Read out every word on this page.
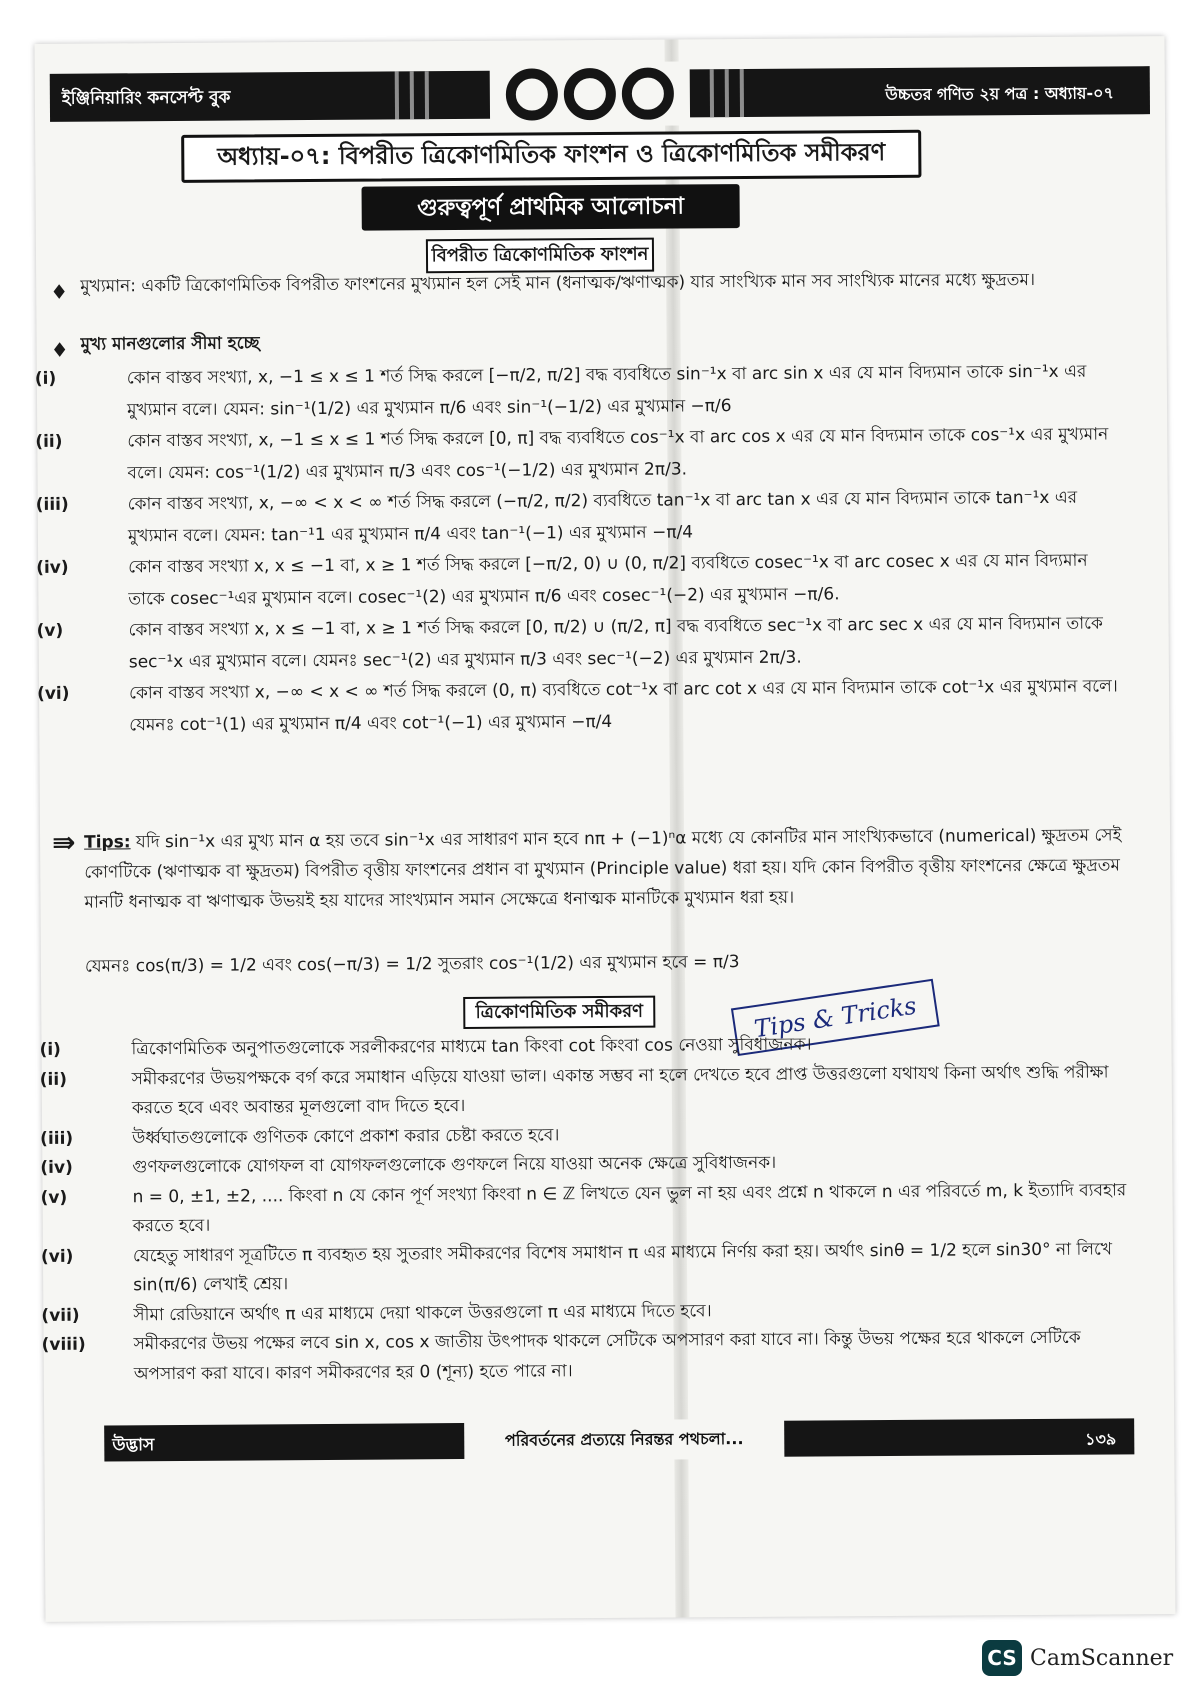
ইঞ্জিনিয়ারিং কনসেপ্ট বুক	উচ্চতর গণিত ২য় পত্র : অধ্যায়-০৭
অধ্যায়-০৭: বিপরীত ত্রিকোণমিতিক ফাংশন ও ত্রিকোণমিতিক সমীকরণ
গুরুত্বপূর্ণ প্রাথমিক আলোচনা
বিপরীত ত্রিকোণমিতিক ফাংশন
♦ মুখ্যমান: একটি ত্রিকোণমিতিক বিপরীত ফাংশনের মুখ্যমান হল সেই মান (ধনাত্মক/ঋণাত্মক) যার সাংখ্যিক মান সব সাংখ্যিক মানের মধ্যে ক্ষুদ্রতম।
♦ মুখ্য মানগুলোর সীমা হচ্ছে
(i)	কোন বাস্তব সংখ্যা, x, −1 ≤ x ≤ 1 শর্ত সিদ্ধ করলে [−π/2, π/2] বদ্ধ ব্যবধিতে sin⁻¹x বা arc sin x এর যে মান বিদ্যমান তাকে sin⁻¹x এর মুখ্যমান বলে। যেমন: sin⁻¹(1/2) এর মুখ্যমান π/6 এবং sin⁻¹(−1/2) এর মুখ্যমান −π/6
(ii)	কোন বাস্তব সংখ্যা, x, −1 ≤ x ≤ 1 শর্ত সিদ্ধ করলে [0, π] বদ্ধ ব্যবধিতে cos⁻¹x বা arc cos x এর যে মান বিদ্যমান তাকে cos⁻¹x এর মুখ্যমান বলে। যেমন: cos⁻¹(1/2) এর মুখ্যমান π/3 এবং cos⁻¹(−1/2) এর মুখ্যমান 2π/3.
(iii)	কোন বাস্তব সংখ্যা, x, −∞ < x < ∞ শর্ত সিদ্ধ করলে (−π/2, π/2) ব্যবধিতে tan⁻¹x বা arc tan x এর যে মান বিদ্যমান তাকে tan⁻¹x এর মুখ্যমান বলে। যেমন: tan⁻¹1 এর মুখ্যমান π/4 এবং tan⁻¹(−1) এর মুখ্যমান −π/4
(iv)	কোন বাস্তব সংখ্যা x, x ≤ −1 বা, x ≥ 1 শর্ত সিদ্ধ করলে [−π/2, 0) ∪ (0, π/2] ব্যবধিতে cosec⁻¹x বা arc cosec x এর যে মান বিদ্যমান তাকে cosec⁻¹এর মুখ্যমান বলে। cosec⁻¹(2) এর মুখ্যমান π/6 এবং cosec⁻¹(−2) এর মুখ্যমান −π/6.
(v)	কোন বাস্তব সংখ্যা x, x ≤ −1 বা, x ≥ 1 শর্ত সিদ্ধ করলে [0, π/2) ∪ (π/2, π] বদ্ধ ব্যবধিতে sec⁻¹x বা arc sec x এর যে মান বিদ্যমান তাকে sec⁻¹x এর মুখ্যমান বলে। যেমনঃ sec⁻¹(2) এর মুখ্যমান π/3 এবং sec⁻¹(−2) এর মুখ্যমান 2π/3.
(vi)	কোন বাস্তব সংখ্যা x, −∞ < x < ∞ শর্ত সিদ্ধ করলে (0, π) ব্যবধিতে cot⁻¹x বা arc cot x এর যে মান বিদ্যমান তাকে cot⁻¹x এর মুখ্যমান বলে। যেমনঃ cot⁻¹(1) এর মুখ্যমান π/4 এবং cot⁻¹(−1) এর মুখ্যমান −π/4
⇛ Tips: যদি sin⁻¹x এর মুখ্য মান α হয় তবে sin⁻¹x এর সাধারণ মান হবে nπ + (−1)ⁿα মধ্যে যে কোনটির মান সাংখ্যিকভাবে (numerical) ক্ষুদ্রতম সেই কোণটিকে (ঋণাত্মক বা ক্ষুদ্রতম) বিপরীত বৃত্তীয় ফাংশনের প্রধান বা মুখ্যমান (Principle value) ধরা হয়। যদি কোন বিপরীত বৃত্তীয় ফাংশনের ক্ষেত্রে ক্ষুদ্রতম মানটি ধনাত্মক বা ঋণাত্মক উভয়ই হয় যাদের সাংখ্যমান সমান সেক্ষেত্রে ধনাত্মক মানটিকে মুখ্যমান ধরা হয়।
যেমনঃ cos(π/3) = 1/2 এবং cos(−π/3) = 1/2 সুতরাং cos⁻¹(1/2) এর মুখ্যমান হবে = π/3
ত্রিকোণমিতিক সমীকরণ	Tips & Tricks
(i)	ত্রিকোণমিতিক অনুপাতগুলোকে সরলীকরণের মাধ্যমে tan কিংবা cot কিংবা cos নেওয়া সুবিধাজনক।
(ii)	সমীকরণের উভয়পক্ষকে বর্গ করে সমাধান এড়িয়ে যাওয়া ভাল। একান্ত সম্ভব না হলে দেখতে হবে প্রাপ্ত উত্তরগুলো যথাযথ কিনা অর্থাৎ শুদ্ধি পরীক্ষা করতে হবে এবং অবান্তর মূলগুলো বাদ দিতে হবে।
(iii)	উর্ধ্বঘাতগুলোকে গুণিতক কোণে প্রকাশ করার চেষ্টা করতে হবে।
(iv)	গুণফলগুলোকে যোগফল বা যোগফলগুলোকে গুণফলে নিয়ে যাওয়া অনেক ক্ষেত্রে সুবিধাজনক।
(v)	n = 0, ±1, ±2, .... কিংবা n যে কোন পূর্ণ সংখ্যা কিংবা n ∈ ℤ লিখতে যেন ভুল না হয় এবং প্রশ্নে n থাকলে n এর পরিবর্তে m, k ইত্যাদি ব্যবহার করতে হবে।
(vi)	যেহেতু সাধারণ সূত্রটিতে π ব্যবহৃত হয় সুতরাং সমীকরণের বিশেষ সমাধান π এর মাধ্যমে নির্ণয় করা হয়। অর্থাৎ sinθ = 1/2 হলে sin30° না লিখে sin(π/6) লেখাই শ্রেয়।
(vii)	সীমা রেডিয়ানে অর্থাৎ π এর মাধ্যমে দেয়া থাকলে উত্তরগুলো π এর মাধ্যমে দিতে হবে।
(viii)	সমীকরণের উভয় পক্ষের লবে sin x, cos x জাতীয় উৎপাদক থাকলে সেটিকে অপসারণ করা যাবে না। কিন্তু উভয় পক্ষের হরে থাকলে সেটিকে অপসারণ করা যাবে। কারণ সমীকরণের হর 0 (শূন্য) হতে পারে না।
উদ্ভাস	পরিবর্তনের প্রত্যয়ে নিরন্তর পথচলা...	১৩৯
CS CamScanner
